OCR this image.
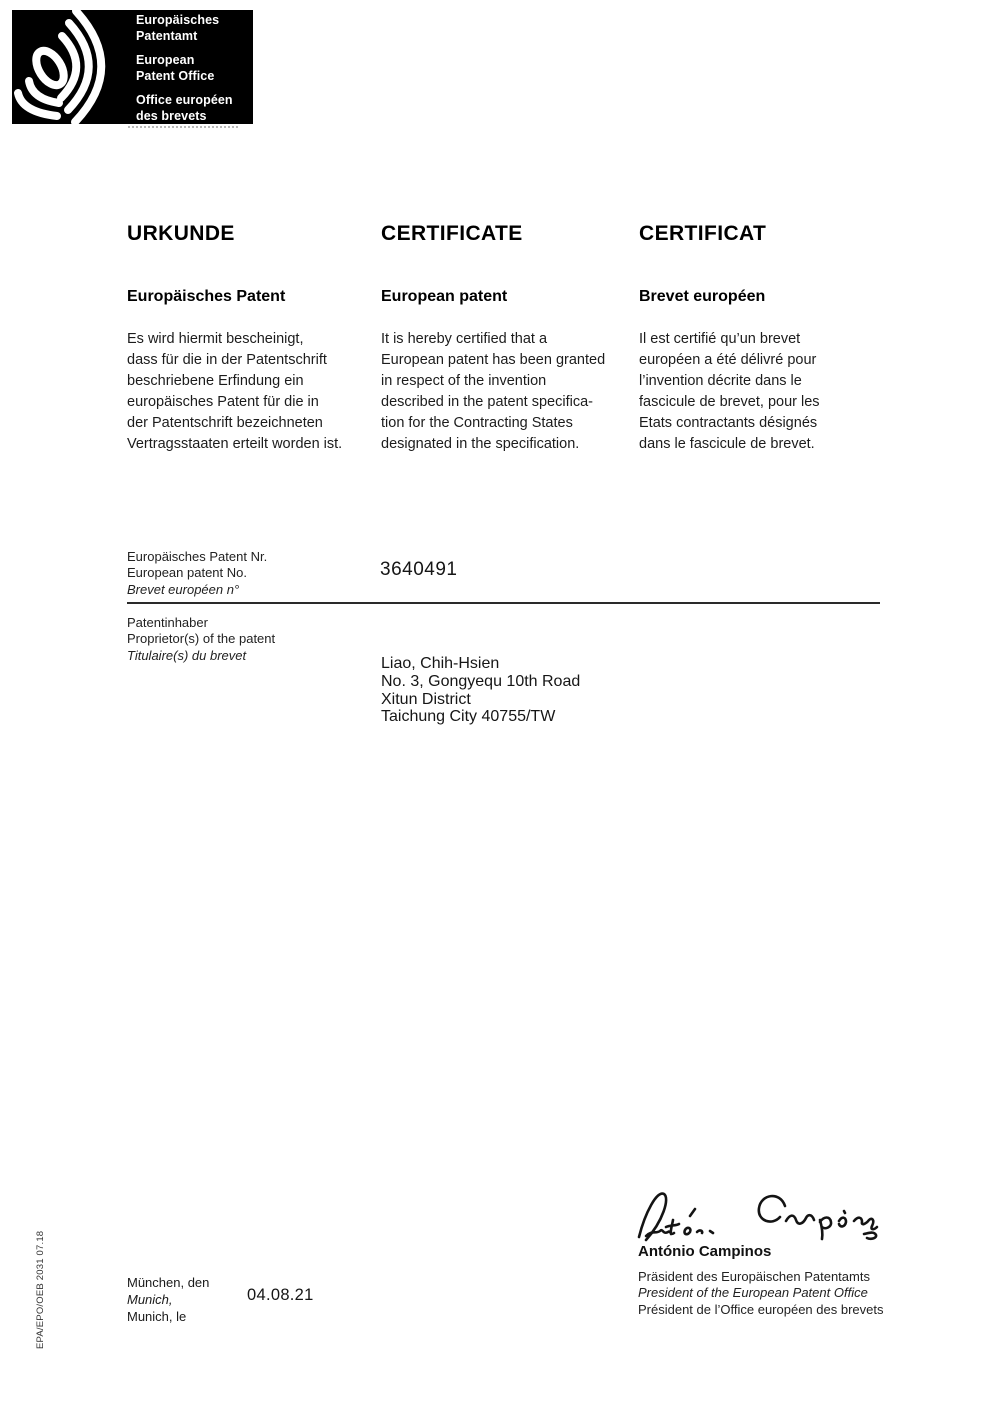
Europäisches
Patentamt
European
Patent Office
Office européen
des brevets
URKUNDE	CERTIFICATE	CERTIFICAT
Europäisches Patent	European patent	Brevet européen
Es wird hiermit bescheinigt,
dass für die in der Patentschrift
beschriebene Erfindung ein
europäisches Patent für die in
der Patentschrift bezeichneten
Vertragsstaaten erteilt worden ist.
It is hereby certified that a
European patent has been granted
in respect of the invention
described in the patent specifica-
tion for the Contracting States
designated in the specification.
Il est certifié qu’un brevet
européen a été délivré pour
l’invention décrite dans le
fascicule de brevet, pour les
Etats contractants désignés
dans le fascicule de brevet.
Europäisches Patent Nr.
European patent No.
Brevet européen n°
3640491
Patentinhaber
Proprietor(s) of the patent
Titulaire(s) du brevet	Liao, Chih-Hsien
No. 3, Gongyequ 10th Road
Xitun District
Taichung City 40755/TW
António Campinos
Präsident des Europäischen Patentamts
President of the European Patent Office
Président de l’Office européen des brevets
München, den
Munich,
Munich, le
04.08.21
EPA/EPO/OEB 2031 07.18
